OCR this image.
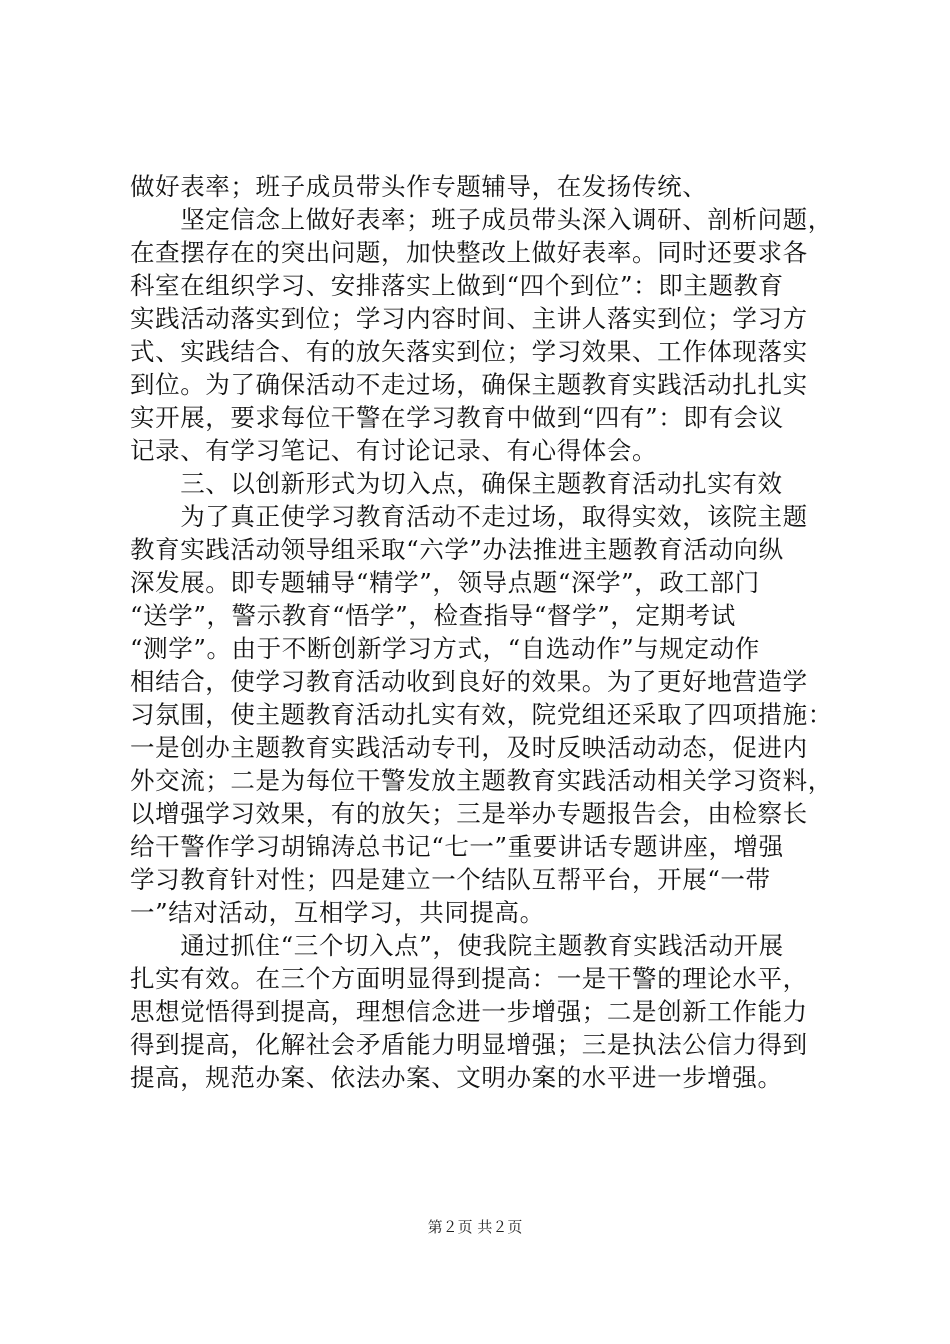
做好表率；班子成员带头作专题辅导，在发扬传统、
　　坚定信念上做好表率；班子成员带头深入调研、剖析问题，
在查摆存在的突出问题，加快整改上做好表率。同时还要求各
科室在组织学习、安排落实上做到“四个到位”：即主题教育
实践活动落实到位；学习内容时间、主讲人落实到位；学习方
式、实践结合、有的放矢落实到位；学习效果、工作体现落实
到位。为了确保活动不走过场，确保主题教育实践活动扎扎实
实开展，要求每位干警在学习教育中做到“四有”：即有会议
记录、有学习笔记、有讨论记录、有心得体会。
　　三、以创新形式为切入点，确保主题教育活动扎实有效
　　为了真正使学习教育活动不走过场，取得实效，该院主题
教育实践活动领导组采取“六学”办法推进主题教育活动向纵
深发展。即专题辅导“精学”，领导点题“深学”，政工部门
“送学”，警示教育“悟学”，检查指导“督学”，定期考试
“测学”。由于不断创新学习方式，“自选动作”与规定动作
相结合，使学习教育活动收到良好的效果。为了更好地营造学
习氛围，使主题教育活动扎实有效，院党组还采取了四项措施：
一是创办主题教育实践活动专刊，及时反映活动动态，促进内
外交流；二是为每位干警发放主题教育实践活动相关学习资料，
以增强学习效果，有的放矢；三是举办专题报告会，由检察长
给干警作学习胡锦涛总书记“七一”重要讲话专题讲座，增强
学习教育针对性；四是建立一个结队互帮平台，开展“一带
一”结对活动，互相学习，共同提高。
　　通过抓住“三个切入点”，使我院主题教育实践活动开展
扎实有效。在三个方面明显得到提高：一是干警的理论水平，
思想觉悟得到提高，理想信念进一步增强；二是创新工作能力
得到提高，化解社会矛盾能力明显增强；三是执法公信力得到
提高，规范办案、依法办案、文明办案的水平进一步增强。
第２页 共２页
